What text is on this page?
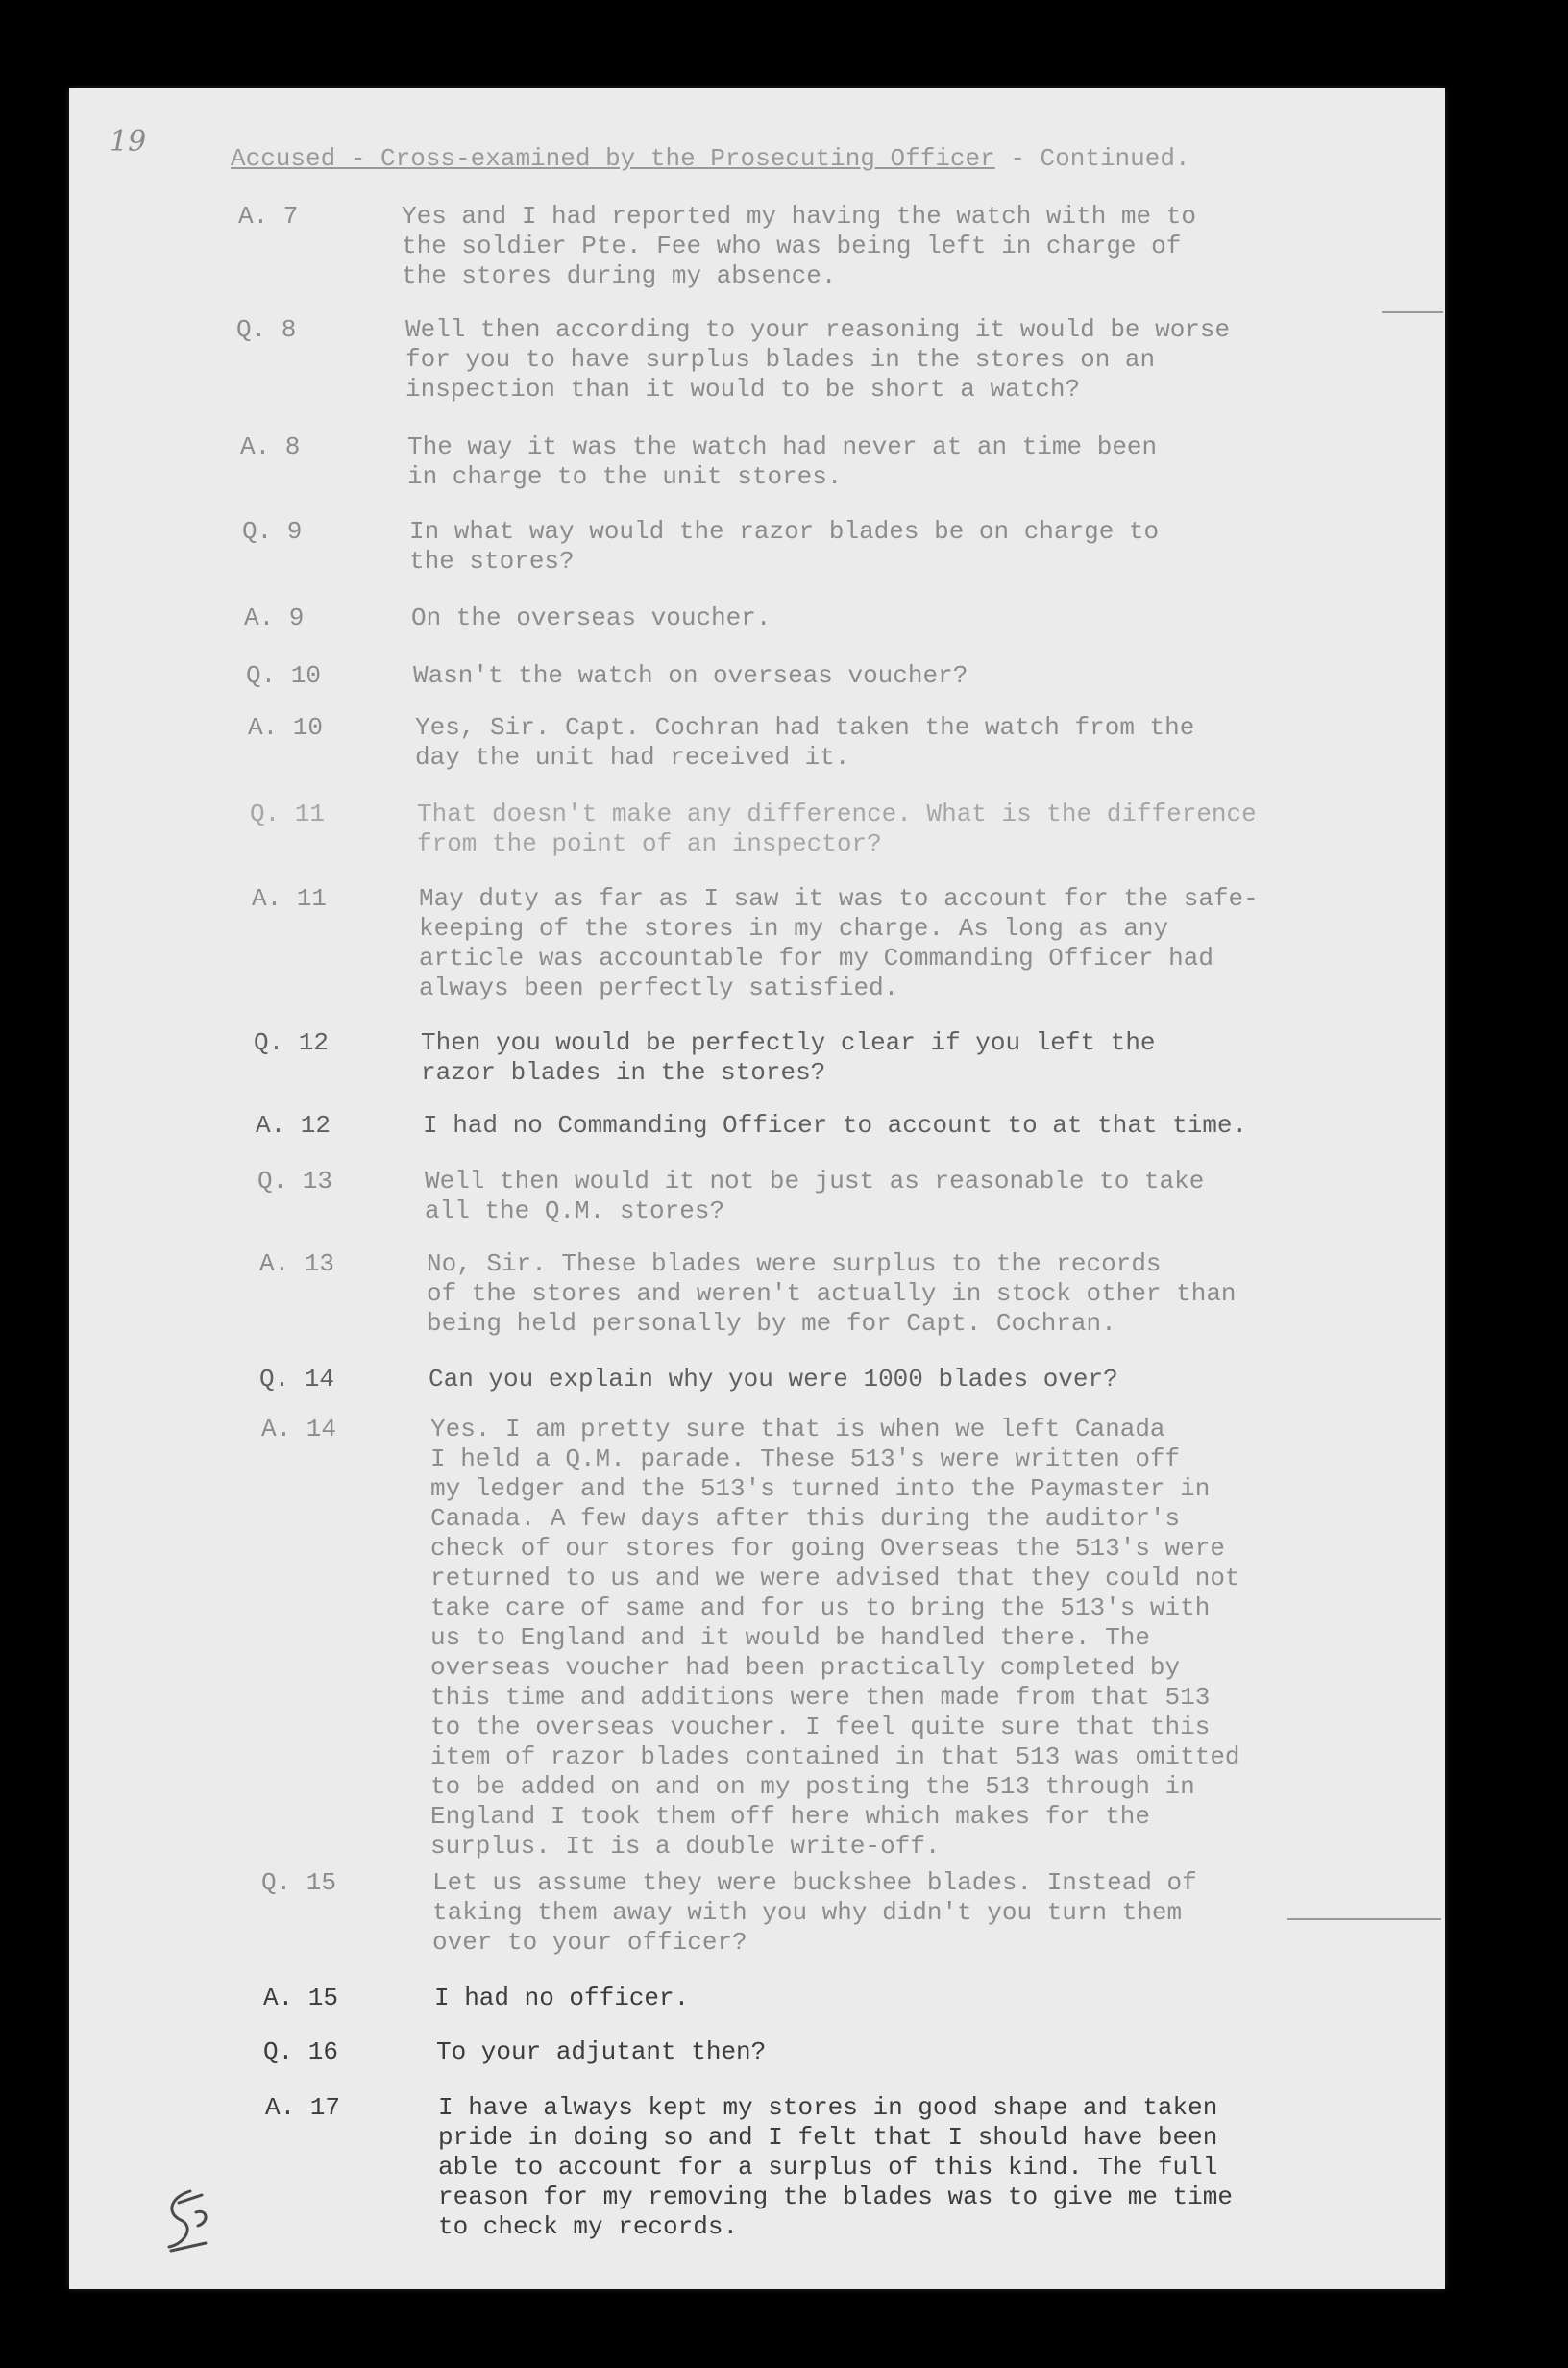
19	Accused - Cross-examined by the Prosecuting Officer - Continued.
A. 7	Yes and I had reported my having the watch with me to
the soldier Pte. Fee who was being left in charge of
the stores during my absence.
Q. 8	Well then according to your reasoning it would be worse
for you to have surplus blades in the stores on an
inspection than it would to be short a watch?
A. 8	The way it was the watch had never at an time been
in charge to the unit stores.
Q. 9	In what way would the razor blades be on charge to
the stores?
A. 9	On the overseas voucher.
Q. 10	Wasn't the watch on overseas voucher?
A. 10	Yes, Sir. Capt. Cochran had taken the watch from the
day the unit had received it.
Q. 11	That doesn't make any difference. What is the difference
from the point of an inspector?
A. 11	May duty as far as I saw it was to account for the safe-
keeping of the stores in my charge. As long as any
article was accountable for my Commanding Officer had
always been perfectly satisfied.
Q. 12	Then you would be perfectly clear if you left the
razor blades in the stores?
A. 12	I had no Commanding Officer to account to at that time.
Q. 13	Well then would it not be just as reasonable to take
all the Q.M. stores?
A. 13	No, Sir. These blades were surplus to the records
of the stores and weren't actually in stock other than
being held personally by me for Capt. Cochran.
Q. 14	Can you explain why you were 1000 blades over?
A. 14	Yes. I am pretty sure that is when we left Canada
I held a Q.M. parade. These 513's were written off
my ledger and the 513's turned into the Paymaster in
Canada. A few days after this during the auditor's
check of our stores for going Overseas the 513's were
returned to us and we were advised that they could not
take care of same and for us to bring the 513's with
us to England and it would be handled there. The
overseas voucher had been practically completed by
this time and additions were then made from that 513
to the overseas voucher. I feel quite sure that this
item of razor blades contained in that 513 was omitted
to be added on and on my posting the 513 through in
England I took them off here which makes for the
surplus. It is a double write-off.
Q. 15	Let us assume they were buckshee blades. Instead of
taking them away with you why didn't you turn them
over to your officer?
A. 15	I had no officer.
Q. 16	To your adjutant then?
A. 17	I have always kept my stores in good shape and taken
pride in doing so and I felt that I should have been
able to account for a surplus of this kind. The full
reason for my removing the blades was to give me time
to check my records.
